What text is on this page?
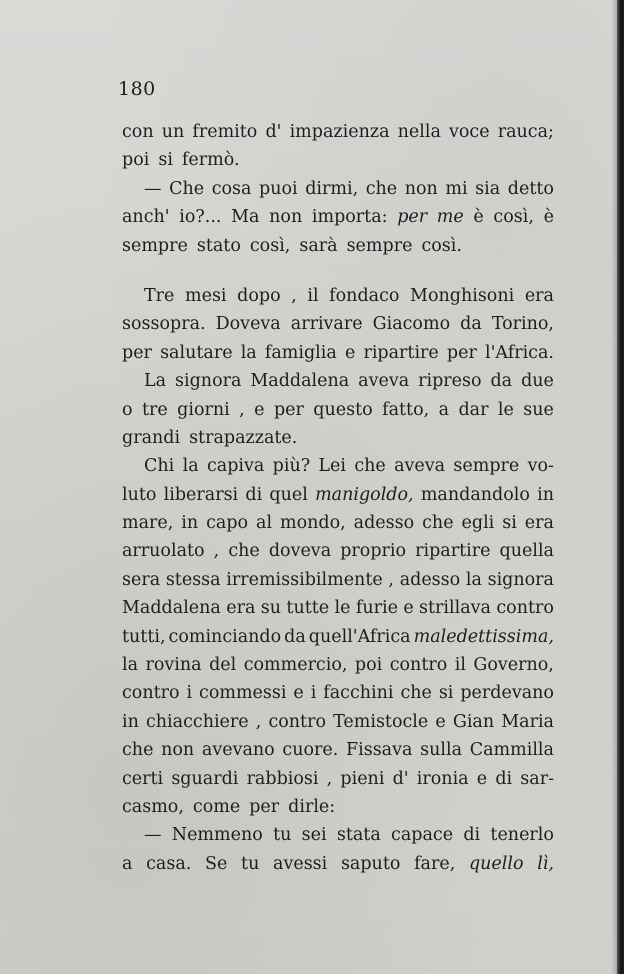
180

con un fremito d' impazienza nella voce rauca;
poi si fermò.
— Che cosa puoi dirmi, che non mi sia detto
anch' io?... Ma non importa: per me è così, è
sempre stato così, sarà sempre così.
Tre mesi dopo , il fondaco Monghisoni era
sossopra. Doveva arrivare Giacomo da Torino,
per salutare la famiglia e ripartire per l'Africa.
La signora Maddalena aveva ripreso da due
o tre giorni , e per questo fatto, a dar le sue
grandi strapazzate.
Chi la capiva più? Lei che aveva sempre vo-
luto liberarsi di quel manigoldo, mandandolo in
mare, in capo al mondo, adesso che egli si era
arruolato , che doveva proprio ripartire quella
sera stessa irremissibilmente , adesso la signora
Maddalena era su tutte le furie e strillava contro
tutti, cominciando da quell'Africa maledettissima,
la rovina del commercio, poi contro il Governo,
contro i commessi e i facchini che si perdevano
in chiacchiere , contro Temistocle e Gian Maria
che non avevano cuore. Fissava sulla Cammilla
certi sguardi rabbiosi , pieni d' ironia e di sar-
casmo, come per dirle:
— Nemmeno tu sei stata capace di tenerlo
a casa. Se tu avessi saputo fare, quello lì,
